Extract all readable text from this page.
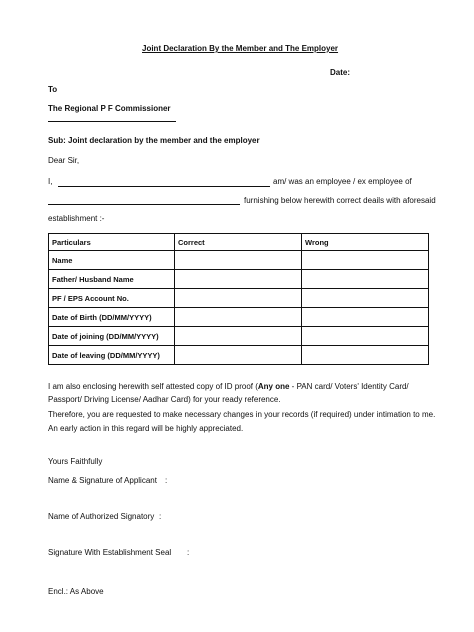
Joint Declaration By the Member and The Employer
Date:
To
The Regional P F Commissioner
Sub: Joint declaration by the member and the employer
Dear Sir,
I,	am/ was an employee / ex employee of
furnishing below herewith correct deails with aforesaid
establishment :-
Particulars	Correct	Wrong
Name		
Father/ Husband Name		
PF / EPS Account No.		
Date of Birth (DD/MM/YYYY)		
Date of joining (DD/MM/YYYY)		
Date of leaving (DD/MM/YYYY)		
I am also enclosing herewith self attested copy of ID proof (Any one - PAN card/ Voters' Identity Card/ Passport/ Driving License/ Aadhar Card) for your ready reference.
Therefore, you are requested to make necessary changes in your records (if required) under intimation to me.
An early action in this regard will be highly appreciated.
Yours Faithfully
Name & Signature of Applicant :
Name of Authorized Signatory :
Signature With Establishment Seal :
Encl.: As Above
